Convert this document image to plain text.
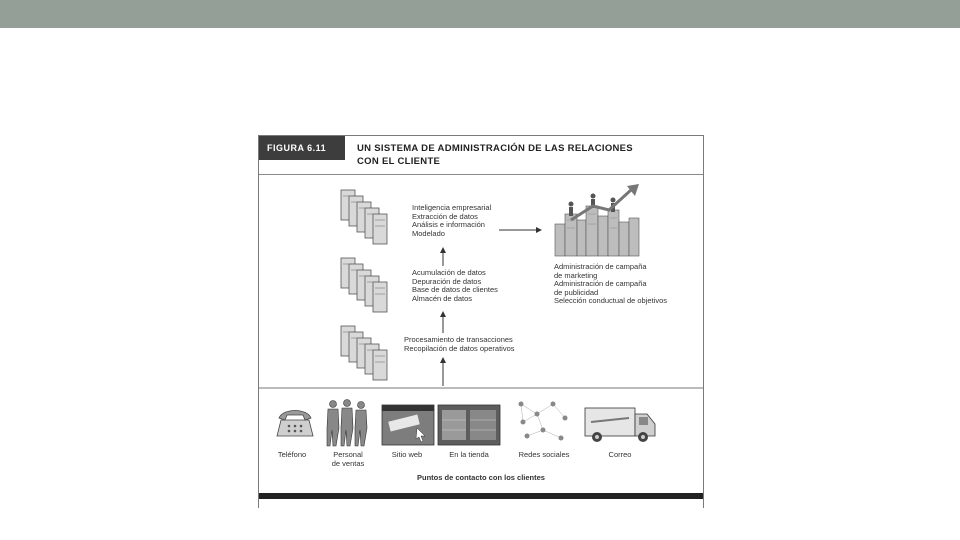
FIGURA 6.11	UN SISTEMA DE ADMINISTRACIÓN DE LAS RELACIONES
CON EL CLIENTE
Inteligencia empresarial
Extracción de datos
Análisis e información
Modelado
Acumulación de datos
Depuración de datos
Base de datos de clientes
Almacén de datos
Procesamiento de transacciones
Recopilación de datos operativos
Administración de campaña
de marketing
Administración de campaña
de publicidad
Selección conductual de objetivos
Teléfono	Personal
de ventas
Sitio web	En la tienda	Redes sociales	Correo
Puntos de contacto con los clientes
